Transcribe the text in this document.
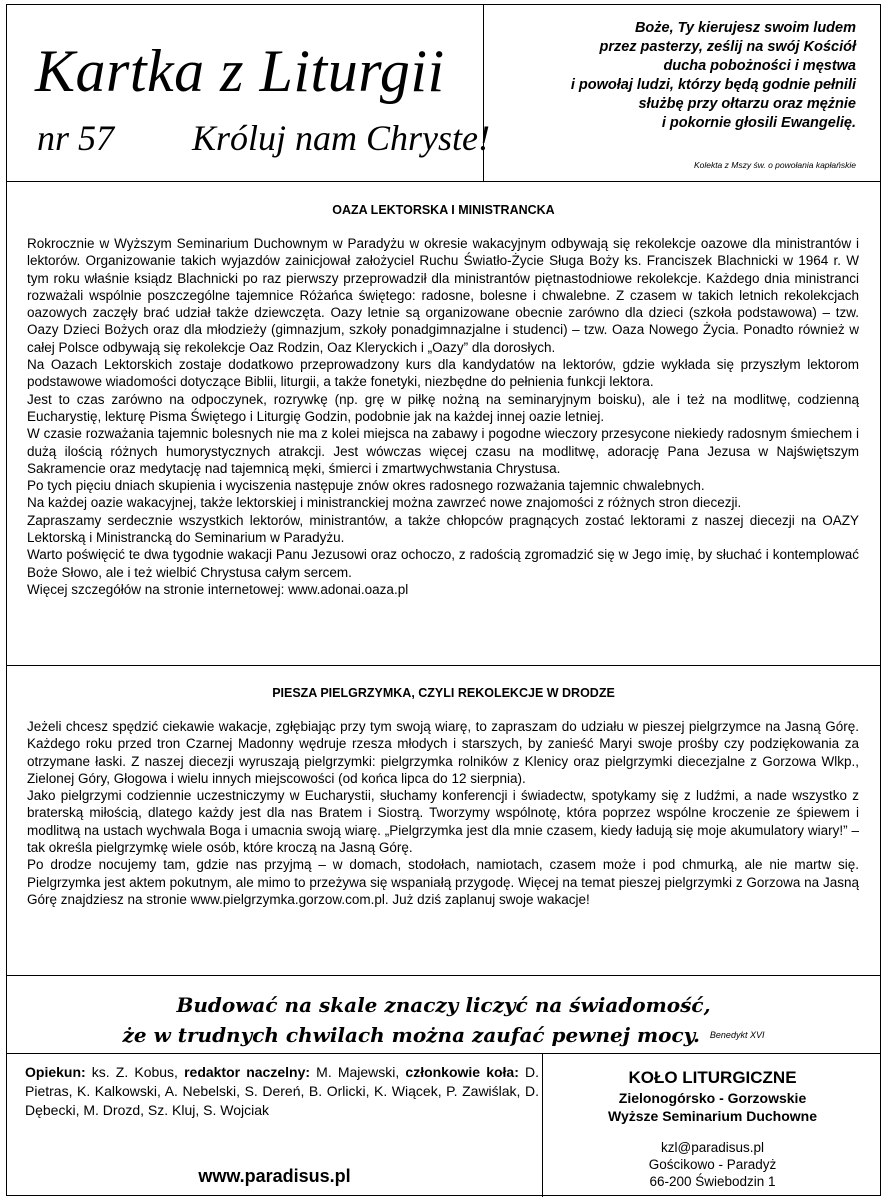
Kartka z Liturgii
nr 57 Króluj nam Chryste!
Boże, Ty kierujesz swoim ludem
przez pasterzy, ześlij na swój Kościół
ducha pobożności i męstwa
i powołaj ludzi, którzy będą godnie pełnili
służbę przy ołtarzu oraz mężnie
i pokornie głosili Ewangelię.
Kolekta z Mszy św. o powołania kapłańskie
OAZA LEKTORSKA I MINISTRANCKA

Rokrocznie w Wyższym Seminarium Duchownym w Paradyżu w okresie wakacyjnym odbywają się rekolekcje oazowe dla ministrantów i lektorów. Organizowanie takich wyjazdów zainicjował założyciel Ruchu Światło-Życie Sługa Boży ks. Franciszek Blachnicki w 1964 r. W tym roku właśnie ksiądz Blachnicki po raz pierwszy przeprowadził dla ministrantów piętnastodniowe rekolekcje. Każdego dnia ministranci rozważali wspólnie poszczególne tajemnice Różańca świętego: radosne, bolesne i chwalebne. Z czasem w takich letnich rekolekcjach oazowych zaczęły brać udział także dziewczęta. Oazy letnie są organizowane obecnie zarówno dla dzieci (szkoła podstawowa) – tzw. Oazy Dzieci Bożych oraz dla młodzieży (gimnazjum, szkoły ponadgimnazjalne i studenci) – tzw. Oaza Nowego Życia. Ponadto również w całej Polsce odbywają się rekolekcje Oaz Rodzin, Oaz Kleryckich i „Oazy” dla dorosłych.

Na Oazach Lektorskich zostaje dodatkowo przeprowadzony kurs dla kandydatów na lektorów, gdzie wykłada się przyszłym lektorom podstawowe wiadomości dotyczące Biblii, liturgii, a także fonetyki, niezbędne do pełnienia funkcji lektora.

Jest to czas zarówno na odpoczynek, rozrywkę (np. grę w piłkę nożną na seminaryjnym boisku), ale i też na modlitwę, codzienną Eucharystię, lekturę Pisma Świętego i Liturgię Godzin, podobnie jak na każdej innej oazie letniej.

W czasie rozważania tajemnic bolesnych nie ma z kolei miejsca na zabawy i pogodne wieczory przesycone niekiedy radosnym śmiechem i dużą ilością różnych humorystycznych atrakcji. Jest wówczas więcej czasu na modlitwę, adorację Pana Jezusa w Najświętszym Sakramencie oraz medytację nad tajemnicą męki, śmierci i zmartwychwstania Chrystusa.

Po tych pięciu dniach skupienia i wyciszenia następuje znów okres radosnego rozważania tajemnic chwalebnych.

Na każdej oazie wakacyjnej, także lektorskiej i ministranckiej można zawrzeć nowe znajomości z różnych stron diecezji.

Zapraszamy serdecznie wszystkich lektorów, ministrantów, a także chłopców pragnących zostać lektorami z naszej diecezji na OAZY Lektorską i Ministrancką do Seminarium w Paradyżu.

Warto poświęcić te dwa tygodnie wakacji Panu Jezusowi oraz ochoczo, z radością zgromadzić się w Jego imię, by słuchać i kontemplować Boże Słowo, ale i też wielbić Chrystusa całym sercem.

Więcej szczegółów na stronie internetowej: www.adonai.oaza.pl

PIESZA PIELGRZYMKA, CZYLI REKOLEKCJE W DRODZE

Jeżeli chcesz spędzić ciekawie wakacje, zgłębiając przy tym swoją wiarę, to zapraszam do udziału w pieszej pielgrzymce na Jasną Górę. Każdego roku przed tron Czarnej Madonny wędruje rzesza młodych i starszych, by zanieść Maryi swoje prośby czy podziękowania za otrzymane łaski. Z naszej diecezji wyruszają pielgrzymki: pielgrzymka rolników z Klenicy oraz pielgrzymki diecezjalne z Gorzowa Wlkp., Zielonej Góry, Głogowa i wielu innych miejscowości (od końca lipca do 12 sierpnia).

Jako pielgrzymi codziennie uczestniczymy w Eucharystii, słuchamy konferencji i świadectw, spotykamy się z ludźmi, a nade wszystko z braterską miłością, dlatego każdy jest dla nas Bratem i Siostrą. Tworzymy wspólnotę, która poprzez wspólne kroczenie ze śpiewem i modlitwą na ustach wychwala Boga i umacnia swoją wiarę. „Pielgrzymka jest dla mnie czasem, kiedy ładują się moje akumulatory wiary!” – tak określa pielgrzymkę wiele osób, które kroczą na Jasną Górę.

Po drodze nocujemy tam, gdzie nas przyjmą – w domach, stodołach, namiotach, czasem może i pod chmurką, ale nie martw się. Pielgrzymka jest aktem pokutnym, ale mimo to przeżywa się wspaniałą przygodę. Więcej na temat pieszej pielgrzymki z Gorzowa na Jasną Górę znajdziesz na stronie www.pielgrzymka.gorzow.com.pl. Już dziś zaplanuj swoje wakacje!

Budować na skale znaczy liczyć na świadomość,
że w trudnych chwilach można zaufać pewnej mocy. $^{Benedykt XVI}$
Opiekun: ks. Z. Kobus, redaktor naczelny: M. Majewski, członkowie koła: D. Pietras, K. Kalkowski, A. Nebelski, S. Dereń, B. Orlicki, K. Wiącek, P. Zawiślak, D. Dębecki, M. Drozd, Sz. Kluj, S. Wojciak
www.paradisus.pl
KOŁO LITURGICZNE
Zielonogórsko - Gorzowskie
Wyższe Seminarium Duchowne
kzl@paradisus.pl
Gościkowo - Paradyż
66-200 Świebodzin 1
